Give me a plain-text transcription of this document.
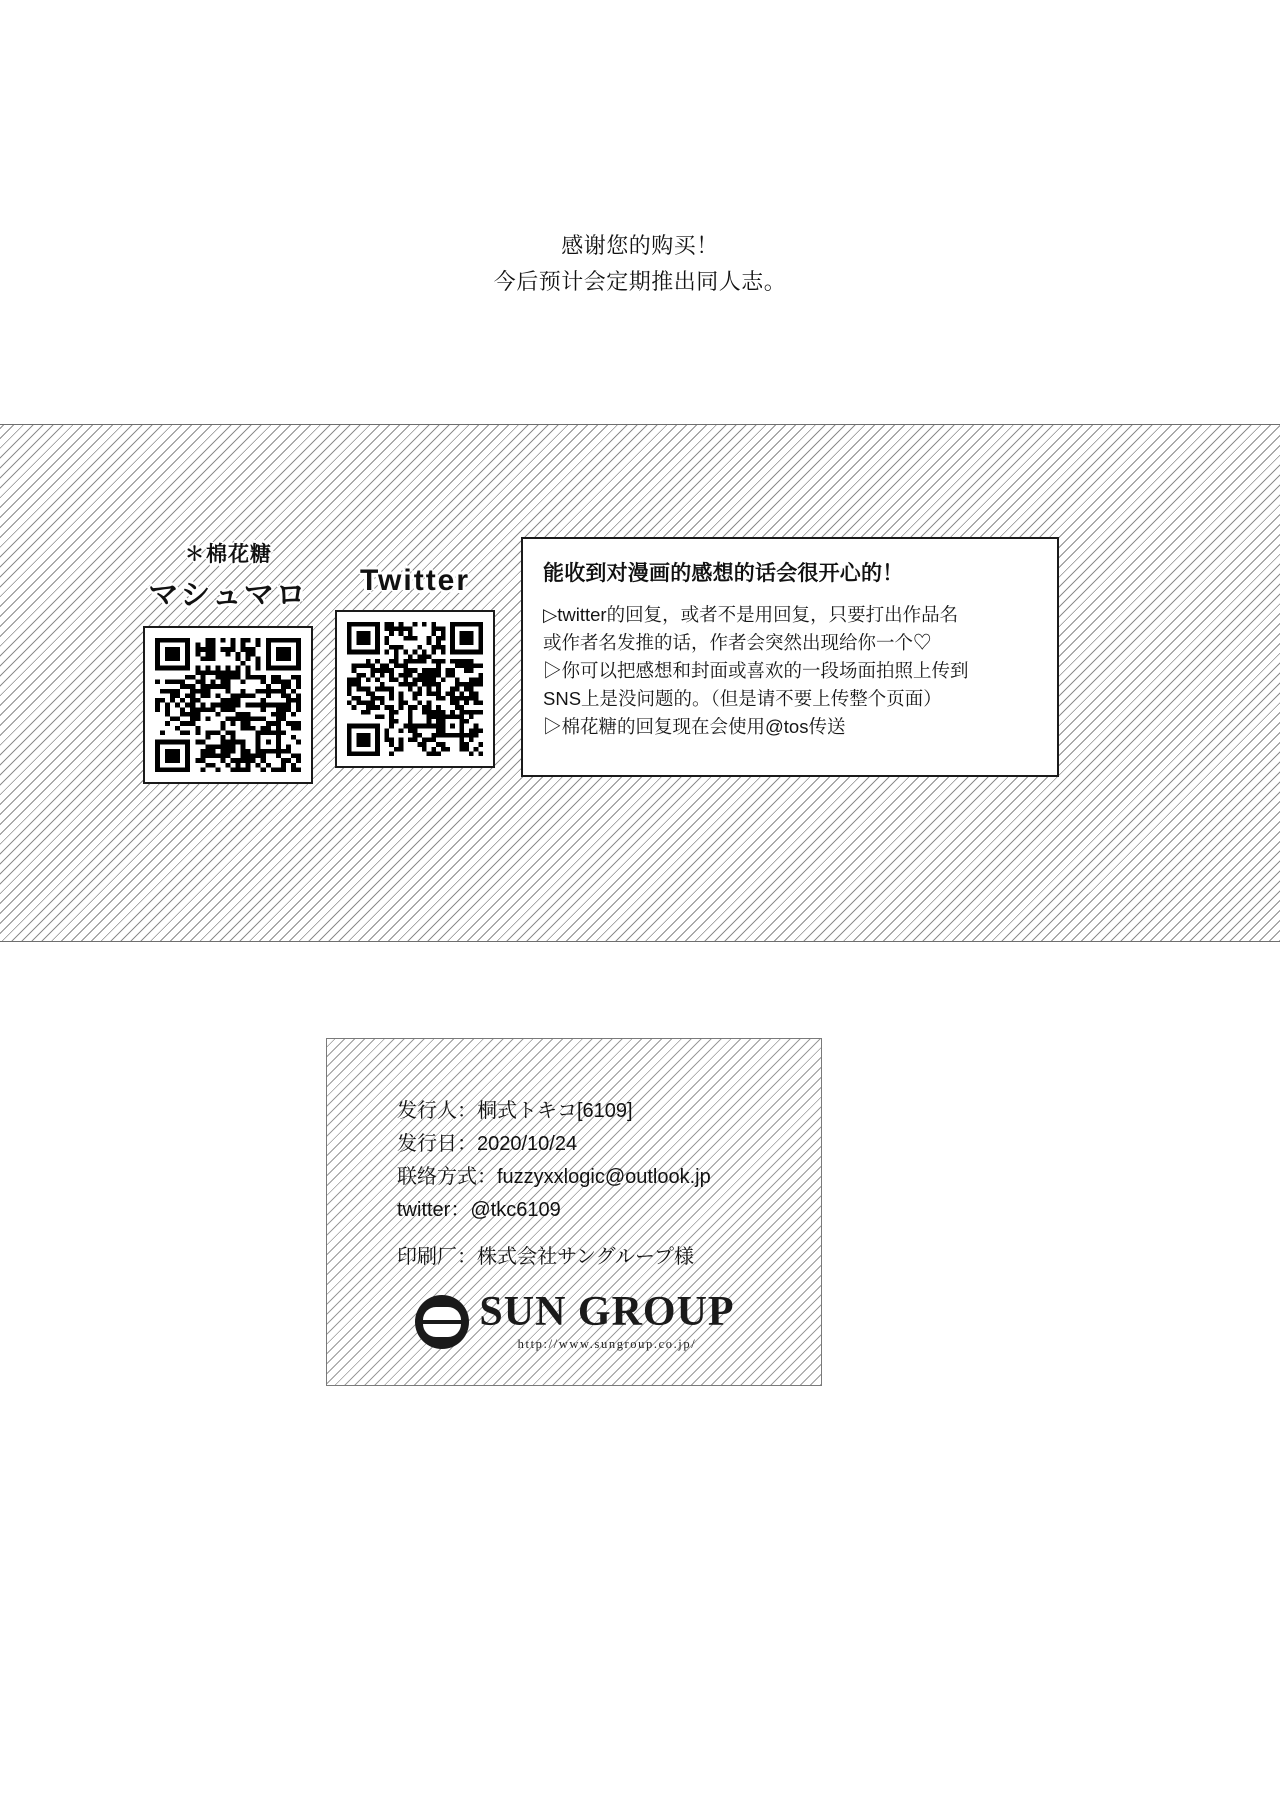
感谢您的购买！
今后预计会定期推出同人志。
✽棉花糖
マシュマロ
	Twitter	能收到对漫画的感想的话会很开心的！

▷twitter的回复，或者不是用回复，只要打出作品名

或作者名发推的话，作者会突然出现给你一个♡

▷你可以把感想和封面或喜欢的一段场面拍照上传到

SNS上是没问题的。（但是请不要上传整个页面）

▷棉花糖的回复现在会使用@tos传送

发行人：桐式トキコ[6109]
发行日：2020/10/24
联络方式：fuzzyxxlogic@outlook.jp
twitter：@tkc6109
印刷厂：株式会社サングループ様
SUN GROUP
http://www.sungroup.co.jp/
